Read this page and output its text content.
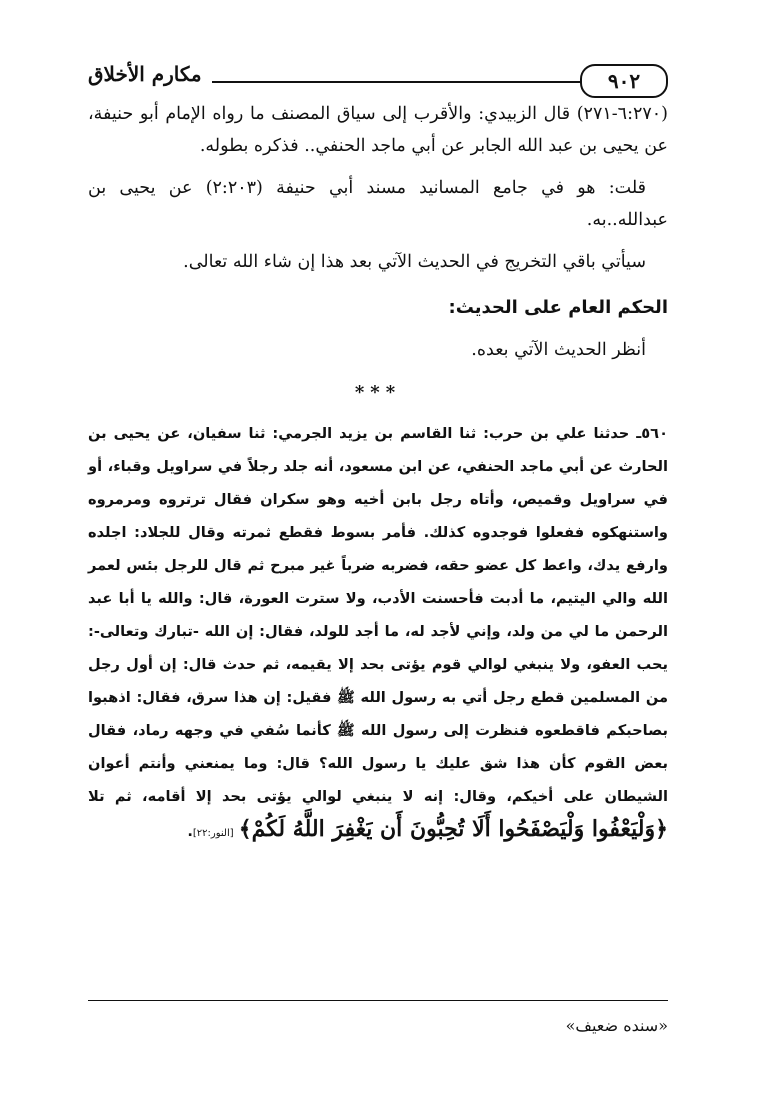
٩٠٢
مكارم الأخلاق

(٦:٢٧٠-٢٧١) قال الزبيدي: والأقرب إلى سياق المصنف ما رواه الإمام أبو حنيفة، عن يحيى بن عبد الله الجابر عن أبي ماجد الحنفي.. فذكره بطوله.

قلت: هو في جامع المسانيد مسند أبي حنيفة (٢:٢٠٣) عن يحيى بن عبدالله..به.

سيأتي باقي التخريج في الحديث الآتي بعد هذا إن شاء الله تعالى.

الحكم العام على الحديث:

أنظر الحديث الآتي بعده.

***

٥٦٠ـ حدثنا علي بن حرب: ثنا القاسم بن يزيد الجرمي: ثنا سفيان، عن يحيى بن الحارث عن أبي ماجد الحنفي، عن ابن مسعود، أنه جلد رجلاً في سراويل وقباء، أو في سراويل وقميص، وأتاه رجل بابن أخيه وهو سكران فقال ترتروه ومرمروه واستنهكوه ففعلوا فوجدوه كذلك. فأمر بسوط فقطع ثمرته وقال للجلاد: اجلده وارفع يدك، واعط كل عضو حقه، فضربه ضرباً غير مبرح ثم قال للرجل بئس لعمر الله والي اليتيم، ما أدبت فأحسنت الأدب، ولا سترت العورة، قال: والله يا أبا عبد الرحمن ما لي من ولد، وإني لأجد له، ما أجد للولد، فقال: إن الله -تبارك وتعالى-: يحب العفو، ولا ينبغي لوالي قوم يؤتى بحد إلا يقيمه، ثم حدث قال: إن أول رجل من المسلمين قطع رجل أتي به رسول الله ﷺ فقيل: إن هذا سرق، فقال: اذهبوا بصاحبكم فاقطعوه فنظرت إلى رسول الله ﷺ كأنما سُفي في وجهه رماد، فقال بعض القوم كأن هذا شق عليك يا رسول الله؟ قال: وما يمنعني وأنتم أعوان الشيطان على أخيكم، وقال: إنه لا ينبغي لوالي يؤتى بحد إلا أقامه، ثم تلا ﴿وَلْيَعْفُوا وَلْيَصْفَحُوا أَلَا تُحِبُّونَ أَن يَغْفِرَ اللَّهُ لَكُمْ﴾ [النور:٢٢].

«سنده ضعيف»
